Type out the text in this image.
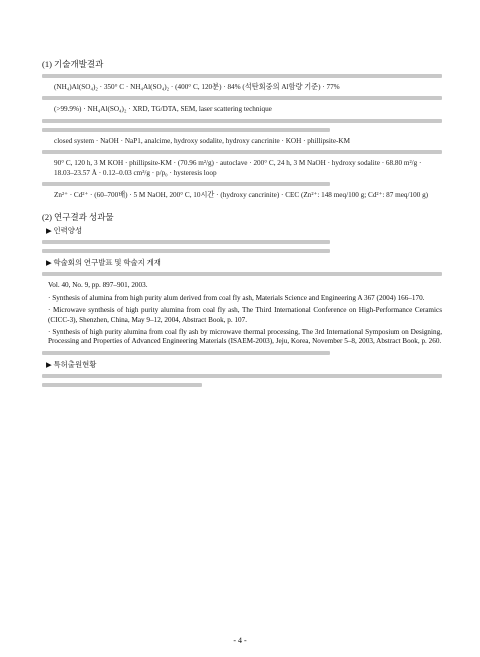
(1) 기술개발결과
(NH₄)Al(SO₄)₂ · 350° C · NH₄Al(SO₄)₂ · (400° C, 120분) · 84% (석탄회중의 Al함량 기준) · 77%
(>99.9%) · NH₄Al(SO₄)₂ · XRD, TG/DTA, SEM, laser scattering technique
closed system · NaOH · NaP1, analcime, hydroxy sodalite, hydroxy cancrinite · KOH · phillipsite-KM
90° C, 120 h, 3 M KOH · phillipsite-KM · (70.96 m²/g) · autoclave · 200° C, 24 h, 3 M NaOH · hydroxy sodalite · 68.80 m²/g · 18.03–23.57 Å · 0.12–0.03 cm³/g · p/p₀ · hysteresis loop
Zn²⁺ · Cd²⁺ · (60–700배) · 5 M NaOH, 200° C, 10시간 · (hydroxy cancrinite) · CEC (Zn²⁺: 148 meq/100 g; Cd²⁺: 87 meq/100 g)
(2) 연구결과 성과물
▶ 인력양성
▶ 학술회의 연구발표 및 학술지 게재
Vol. 40, No. 9, pp. 897–901, 2003.
· Synthesis of alumina from high purity alum derived from coal fly ash, Materials Science and Engineering A 367 (2004) 166–170.
· Microwave synthesis of high purity alumina from coal fly ash, The Third International Conference on High-Performance Ceramics (CICC-3), Shenzhen, China, May 9–12, 2004, Abstract Book, p. 107.
· Synthesis of high purity alumina from coal fly ash by microwave thermal processing, The 3rd International Symposium on Designing, Processing and Properties of Advanced Engineering Materials (ISAEM-2003), Jeju, Korea, November 5–8, 2003, Abstract Book, p. 260.
▶ 특허출원현황
- 4 -
